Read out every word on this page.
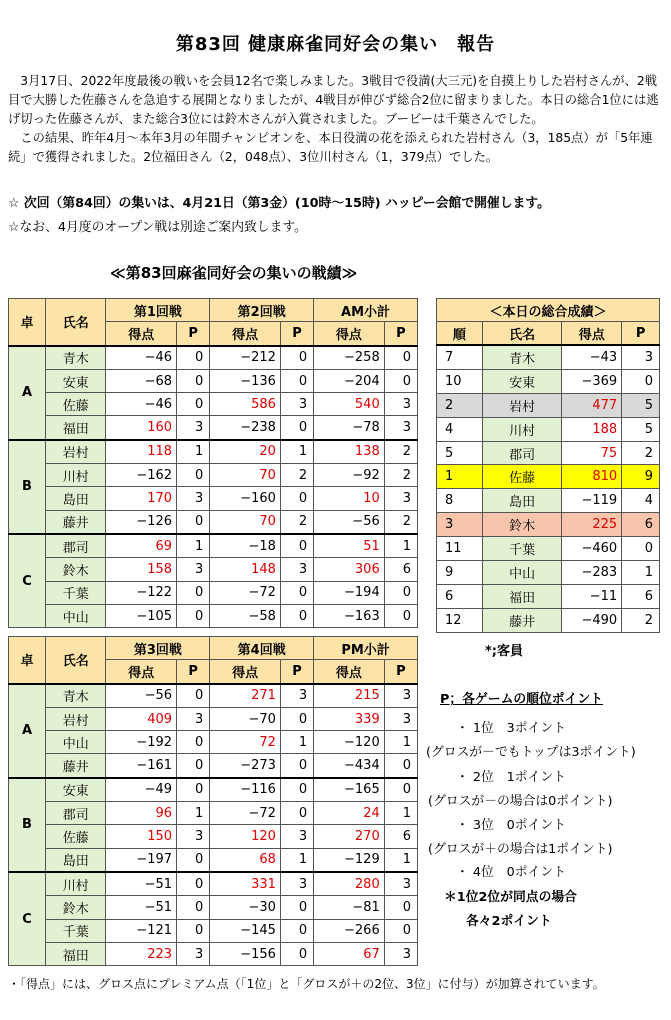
第83回 健康麻雀同好会の集い　報告

3月17日、2022年度最後の戦いを会員12名で楽しみました。3戦目で役満(大三元)を自摸上りした岩村さんが、2戦目で大勝した佐藤さんを急追する展開となりましたが、4戦目が伸びず総合2位に留まりました。本日の総合1位には逃げ切った佐藤さんが、また総合3位には鈴木さんが入賞されました。ブービーは千葉さんでした。

この結果、昨年4月～本年3月の年間チャンピオンを、本日役満の花を添えられた岩村さん（3，185点）が「5年連続」で獲得されました。2位福田さん（2，048点）、3位川村さん（1，379点）でした。

☆ 次回（第84回）の集いは、4月21日（第3金）(10時～15時) ハッピー会館で開催します。
☆なお、4月度のオープン戦は別途ご案内致します。
≪第83回麻雀同好会の集いの戦績≫
卓	氏名	第1回戦		第2回戦		AM小計	
		得点	P	得点	P	得点	P
A	青木	−46	0	−212	0	−258	0
	安東	−68	0	−136	0	−204	0
	佐藤	−46	0	586	3	540	3
	福田	160	3	−238	0	−78	3
B	岩村	118	1	20	1	138	2
	川村	−162	0	70	2	−92	2
	島田	170	3	−160	0	10	3
	藤井	−126	0	70	2	−56	2
C	郡司	69	1	−18	0	51	1
	鈴木	158	3	148	3	306	6
	千葉	−122	0	−72	0	−194	0
	中山	−105	0	−58	0	−163	0
卓	氏名	第3回戦		第4回戦		PM小計	
		得点	P	得点	P	得点	P
A	青木	−56	0	271	3	215	3
	岩村	409	3	−70	0	339	3
	中山	−192	0	72	1	−120	1
	藤井	−161	0	−273	0	−434	0
B	安東	−49	0	−116	0	−165	0
	郡司	96	1	−72	0	24	1
	佐藤	150	3	120	3	270	6
	島田	−197	0	68	1	−129	1
C	川村	−51	0	331	3	280	3
	鈴木	−51	0	−30	0	−81	0
	千葉	−121	0	−145	0	−266	0
	福田	223	3	−156	0	67	3
＜本日の総合成績＞			
順	氏名	得点	P
7	青木	−43	3
10	安東	−369	0
2	岩村	477	5
4	川村	188	5
5	郡司	75	2
1	佐藤	810	9
8	島田	−119	4
3	鈴木	225	6
11	千葉	−460	0
9	中山	−283	1
6	福田	−11	6
12	藤井	−490	2
*;客員
P；各ゲームの順位ポイント
・ 1位　3ポイント
(グロスが－でもトップは3ポイント)
・ 2位　1ポイント
(グロスが－の場合は0ポイント)
・ 3位　0ポイント
(グロスが＋の場合は1ポイント)
・ 4位　0ポイント
＊1位2位が同点の場合
各々2ポイント
・「得点」には、グロス点にプレミアム点（「1位」と「グロスが＋の2位、3位」に付与）が加算されています。
